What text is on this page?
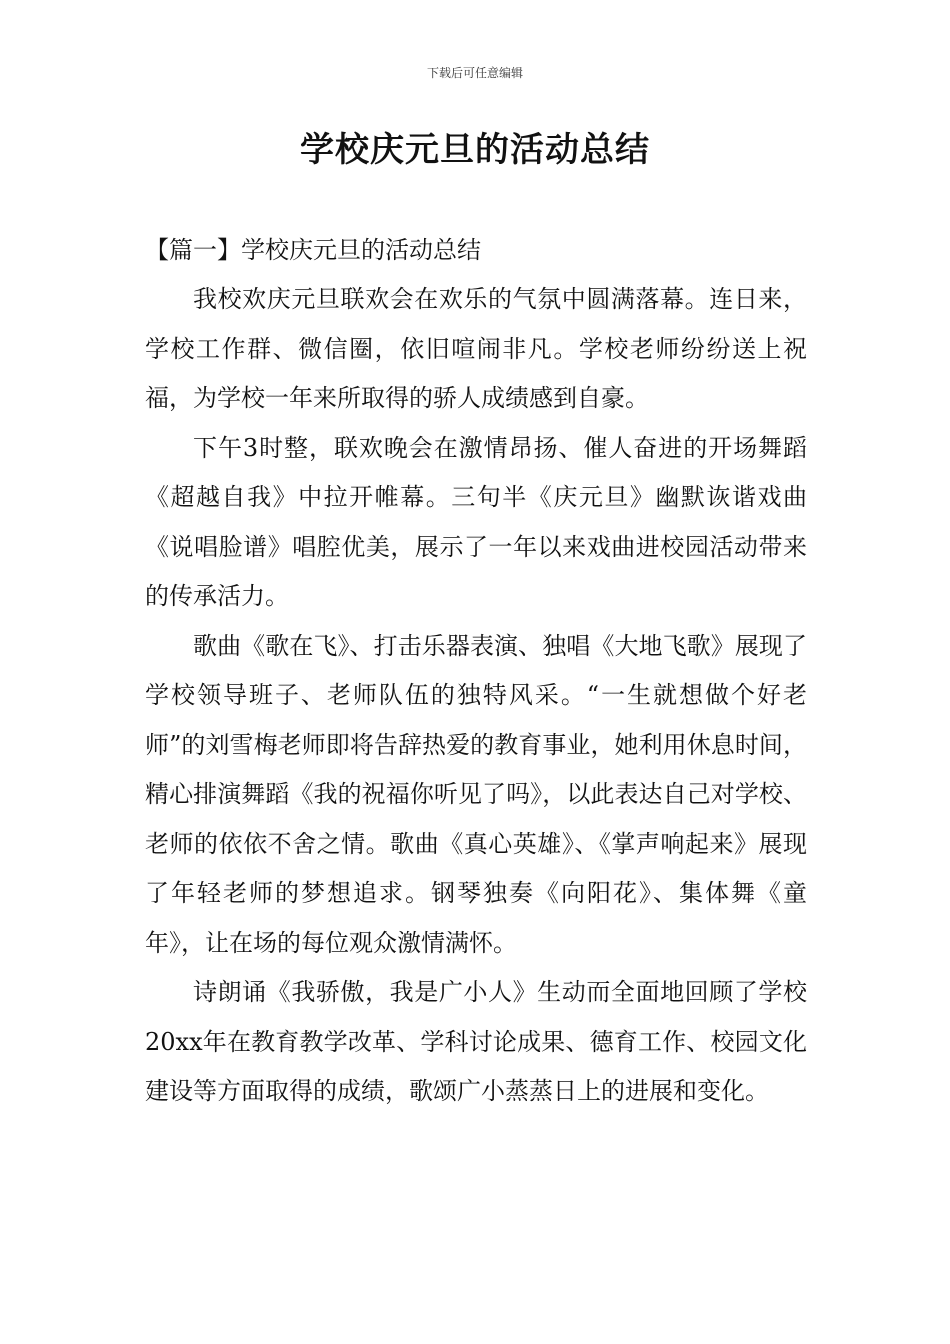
下载后可任意编辑
学校庆元旦的活动总结

【篇一】学校庆元旦的活动总结

我校欢庆元旦联欢会在欢乐的气氛中圆满落幕。连日来，学校工作群、微信圈，依旧喧闹非凡。学校老师纷纷送上祝福，为学校一年来所取得的骄人成绩感到自豪。

下午3时整，联欢晚会在激情昂扬、催人奋进的开场舞蹈《超越自我》中拉开帷幕。三句半《庆元旦》幽默诙谐戏曲《说唱脸谱》唱腔优美，展示了一年以来戏曲进校园活动带来的传承活力。

歌曲《歌在飞》、打击乐器表演、独唱《大地飞歌》展现了学校领导班子、老师队伍的独特风采。“一生就想做个好老师”的刘雪梅老师即将告辞热爱的教育事业，她利用休息时间，精心排演舞蹈《我的祝福你听见了吗》，以此表达自己对学校、老师的依依不舍之情。歌曲《真心英雄》、《掌声响起来》展现了年轻老师的梦想追求。钢琴独奏《向阳花》、集体舞《童年》，让在场的每位观众激情满怀。

诗朗诵《我骄傲，我是广小人》生动而全面地回顾了学校20xx年在教育教学改革、学科讨论成果、德育工作、校园文化建设等方面取得的成绩，歌颂广小蒸蒸日上的进展和变化。
